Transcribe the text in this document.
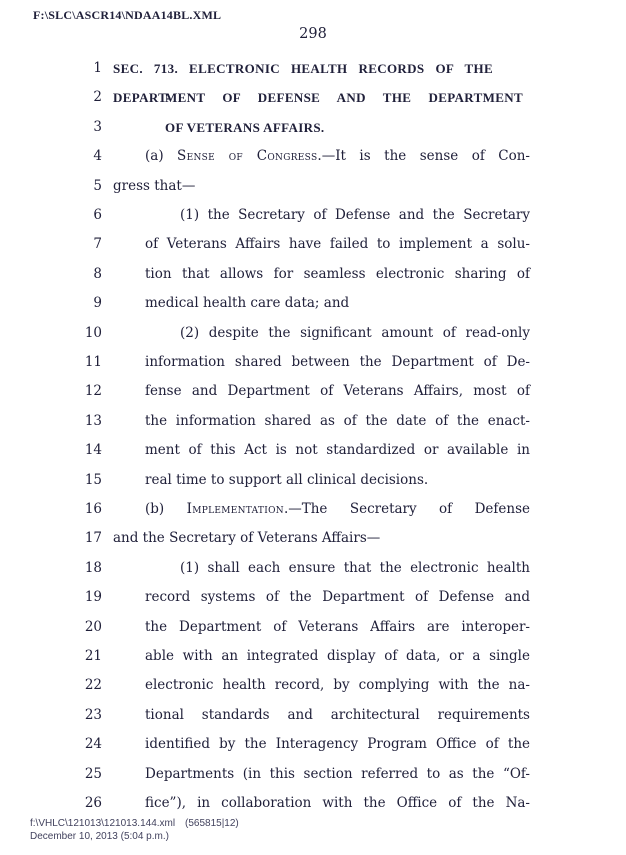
F:\SLC\ASCR14\NDAA14BL.XML
298
1 SEC. 713. ELECTRONIC HEALTH RECORDS OF THE DEPART-
2	MENT OF DEFENSE AND THE DEPARTMENT
3	OF VETERANS AFFAIRS.
4	(a) Sense of Congress.—It is the sense of Con-
5 gress that—
6	(1) the Secretary of Defense and the Secretary
7	of Veterans Affairs have failed to implement a solu-
8	tion that allows for seamless electronic sharing of
9	medical health care data; and
10	(2) despite the significant amount of read-only
11	information shared between the Department of De-
12	fense and Department of Veterans Affairs, most of
13	the information shared as of the date of the enact-
14	ment of this Act is not standardized or available in
15	real time to support all clinical decisions.
16	(b) Implementation.—The Secretary of Defense
17 and the Secretary of Veterans Affairs—
18	(1) shall each ensure that the electronic health
19	record systems of the Department of Defense and
20	the Department of Veterans Affairs are interoper-
21	able with an integrated display of data, or a single
22	electronic health record, by complying with the na-
23	tional standards and architectural requirements
24	identified by the Interagency Program Office of the
25	Departments (in this section referred to as the “Of-
26	fice”), in collaboration with the Office of the Na-
f:\VHLC\121013\121013.144.xml (565815|12)
December 10, 2013 (5:04 p.m.)
